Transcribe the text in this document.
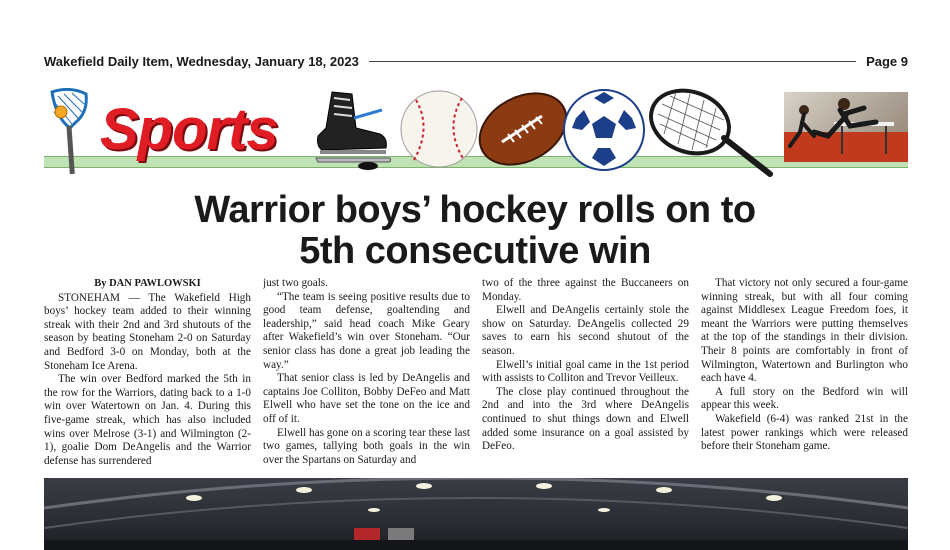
Wakefield Daily Item, Wednesday, January 18, 2023	Page 9
Sports
Warrior boys’ hockey rolls on to
5th consecutive win
By DAN PAWLOWSKI

STONEHAM — The Wakefield High boys’ hockey team added to their winning streak with their 2nd and 3rd shutouts of the season by beating Stoneham 2-0 on Saturday and Bedford 3-0 on Monday, both at the Stoneham Ice Arena.

The win over Bedford marked the 5th in the row for the Warriors, dating back to a 1-0 win over Watertown on Jan. 4. During this five-game streak, which has also included wins over Melrose (3-1) and Wilmington (2-1), goalie Dom DeAngelis and the Warrior defense has surrendered

just two goals.

“The team is seeing positive results due to good team defense, goaltending and leadership,” said head coach Mike Geary after Wakefield’s win over Stoneham. “Our senior class has done a great job leading the way.”

That senior class is led by DeAngelis and captains Joe Colliton, Bobby DeFeo and Matt Elwell who have set the tone on the ice and off of it.

Elwell has gone on a scoring tear these last two games, tallying both goals in the win over the Spartans on Saturday and

two of the three against the Buccaneers on Monday.

Elwell and DeAngelis certainly stole the show on Saturday. DeAngelis collected 29 saves to earn his second shutout of the season.

Elwell’s initial goal came in the 1st period with assists to Colliton and Trevor Veilleux.

The close play continued throughout the 2nd and into the 3rd where DeAngelis continued to shut things down and Elwell added some insurance on a goal assisted by DeFeo.

That victory not only secured a four-game winning streak, but with all four coming against Middlesex League Freedom foes, it meant the Warriors were putting themselves at the top of the standings in their division. Their 8 points are comfortably in front of Wilmington, Watertown and Burlington who each have 4.

A full story on the Bedford win will appear this week.

Wakefield (6-4) was ranked 21st in the latest power rankings which were released before their Stoneham game.
